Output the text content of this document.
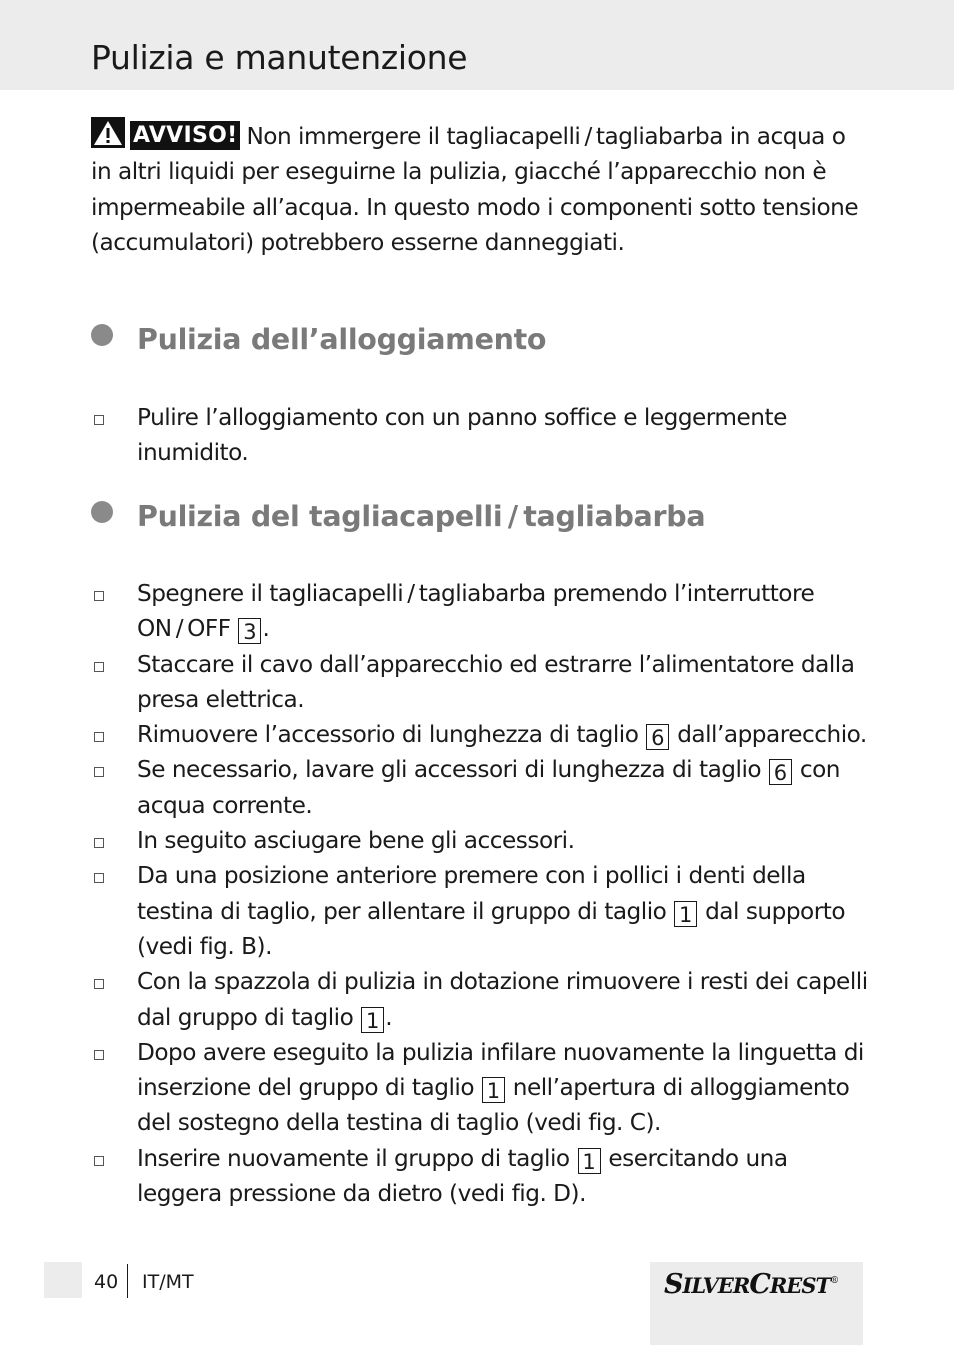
Pulizia e manutenzione
AVVISO! Non immergere il tagliacapelli / tagliabarba in acqua o in altri liquidi per eseguirne la pulizia, giacché l’apparecchio non è impermeabile all’acqua. In questo modo i componenti sotto tensione (accumulatori) potrebbero esserne danneggiati.
Pulizia dell’alloggiamento
Pulire l’alloggiamento con un panno soffice e leggermente inumidito.
Pulizia del tagliacapelli / tagliabarba
Spegnere il tagliacapelli / tagliabarba premendo l’interruttore ON / OFF 3 .
Staccare il cavo dall’apparecchio ed estrarre l’alimentatore dalla presa elettrica.
Rimuovere l’accessorio di lunghezza di taglio 6 dall’apparecchio.
Se necessario, lavare gli accessori di lunghezza di taglio 6 con acqua corrente.
In seguito asciugare bene gli accessori.
Da una posizione anteriore premere con i pollici i denti della testina di taglio, per allentare il gruppo di taglio 1 dal supporto (vedi fig. B).
Con la spazzola di pulizia in dotazione rimuovere i resti dei capelli dal gruppo di taglio 1 .
Dopo avere eseguito la pulizia infilare nuovamente la linguetta di inserzione del gruppo di taglio 1 nell’apertura di alloggiamento del sostegno della testina di taglio (vedi fig. C).
Inserire nuovamente il gruppo di taglio 1 esercitando una leggera pressione da dietro (vedi fig. D).
40 IT/MT	SILVERCREST®
